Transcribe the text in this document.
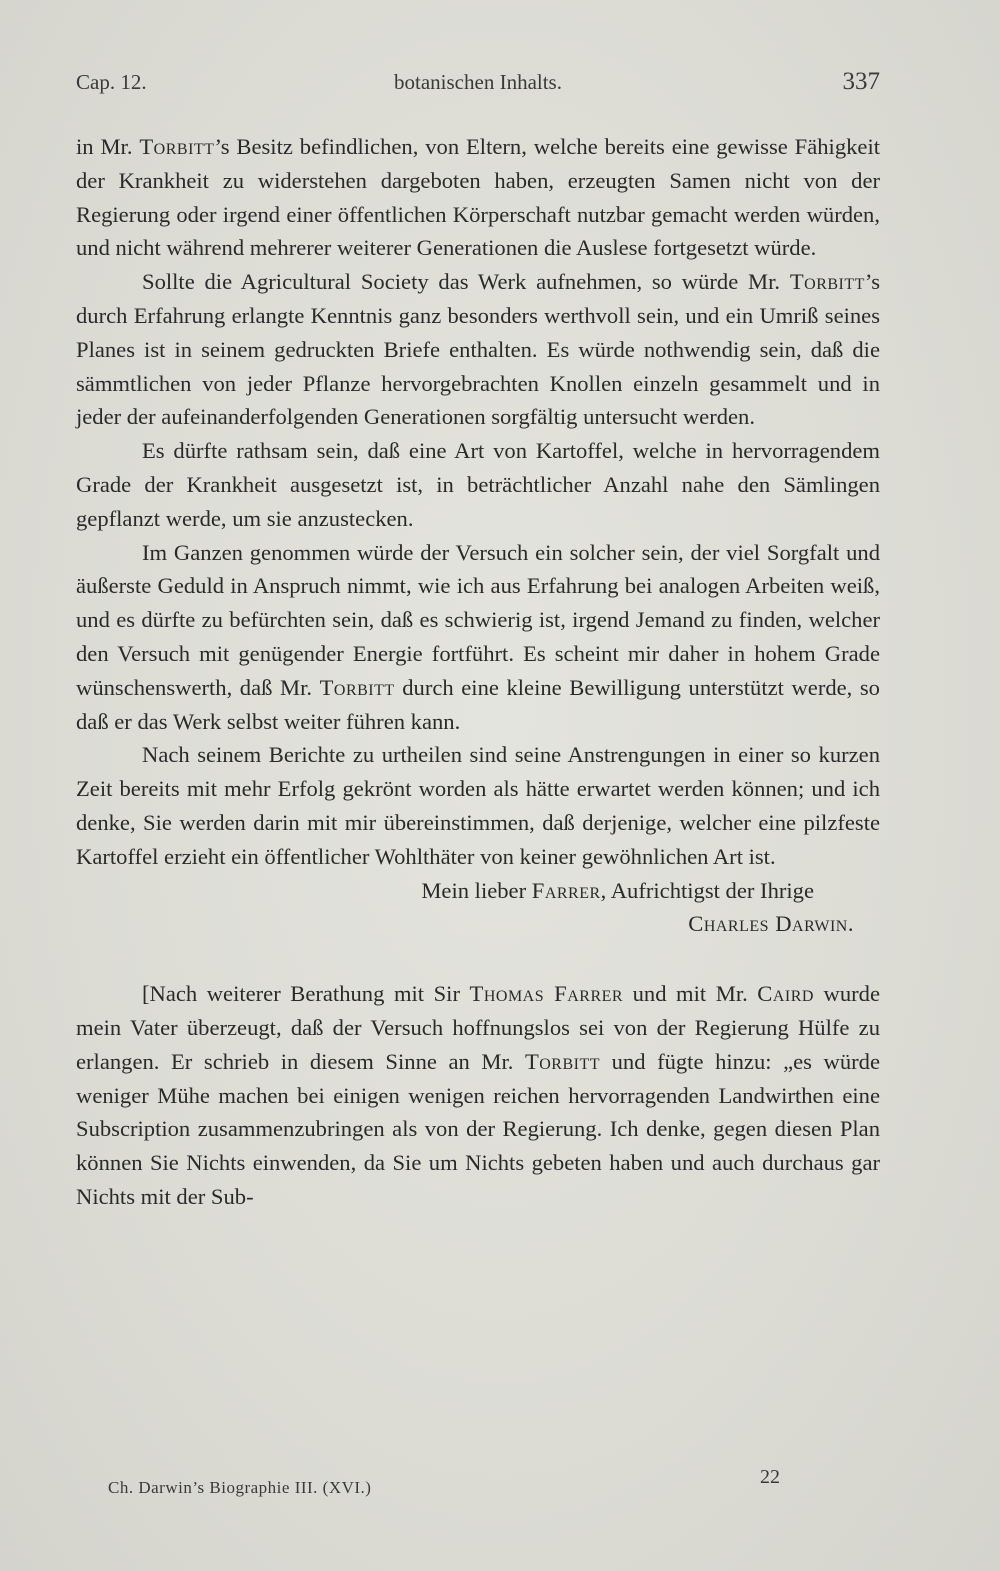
Cap. 12.	botanischen Inhalts.	337

in Mr. Torbitt’s Besitz befindlichen, von Eltern, welche bereits eine gewisse Fähigkeit der Krankheit zu widerstehen dargeboten haben, erzeugten Samen nicht von der Regierung oder irgend einer öffentlichen Körperschaft nutzbar gemacht werden würden, und nicht während mehrerer weiterer Generationen die Auslese fortgesetzt würde.

Sollte die Agricultural Society das Werk aufnehmen, so würde Mr. Torbitt’s durch Erfahrung erlangte Kenntnis ganz besonders werthvoll sein, und ein Umriß seines Planes ist in seinem gedruckten Briefe enthalten. Es würde nothwendig sein, daß die sämmtlichen von jeder Pflanze hervorgebrachten Knollen einzeln gesammelt und in jeder der aufeinanderfolgenden Generationen sorgfältig untersucht werden.

Es dürfte rathsam sein, daß eine Art von Kartoffel, welche in hervorragendem Grade der Krankheit ausgesetzt ist, in beträchtlicher Anzahl nahe den Sämlingen gepflanzt werde, um sie anzustecken.

Im Ganzen genommen würde der Versuch ein solcher sein, der viel Sorgfalt und äußerste Geduld in Anspruch nimmt, wie ich aus Erfahrung bei analogen Arbeiten weiß, und es dürfte zu befürchten sein, daß es schwierig ist, irgend Jemand zu finden, welcher den Versuch mit genügender Energie fortführt. Es scheint mir daher in hohem Grade wünschenswerth, daß Mr. Torbitt durch eine kleine Bewilligung unterstützt werde, so daß er das Werk selbst weiter führen kann.

Nach seinem Berichte zu urtheilen sind seine Anstrengungen in einer so kurzen Zeit bereits mit mehr Erfolg gekrönt worden als hätte erwartet werden können; und ich denke, Sie werden darin mit mir übereinstimmen, daß derjenige, welcher eine pilzfeste Kartoffel erzieht ein öffentlicher Wohlthäter von keiner gewöhnlichen Art ist.

Mein lieber Farrer, Aufrichtigst der Ihrige

Charles Darwin.

[Nach weiterer Berathung mit Sir Thomas Farrer und mit Mr. Caird wurde mein Vater überzeugt, daß der Versuch hoffnungslos sei von der Regierung Hülfe zu erlangen. Er schrieb in diesem Sinne an Mr. Torbitt und fügte hinzu: „es würde weniger Mühe machen bei einigen wenigen reichen hervorragenden Landwirthen eine Subscription zusammenzubringen als von der Regierung. Ich denke, gegen diesen Plan können Sie Nichts einwenden, da Sie um Nichts gebeten haben und auch durchaus gar Nichts mit der Sub-

Ch. Darwin’s Biographie III. (XVI.)	22
